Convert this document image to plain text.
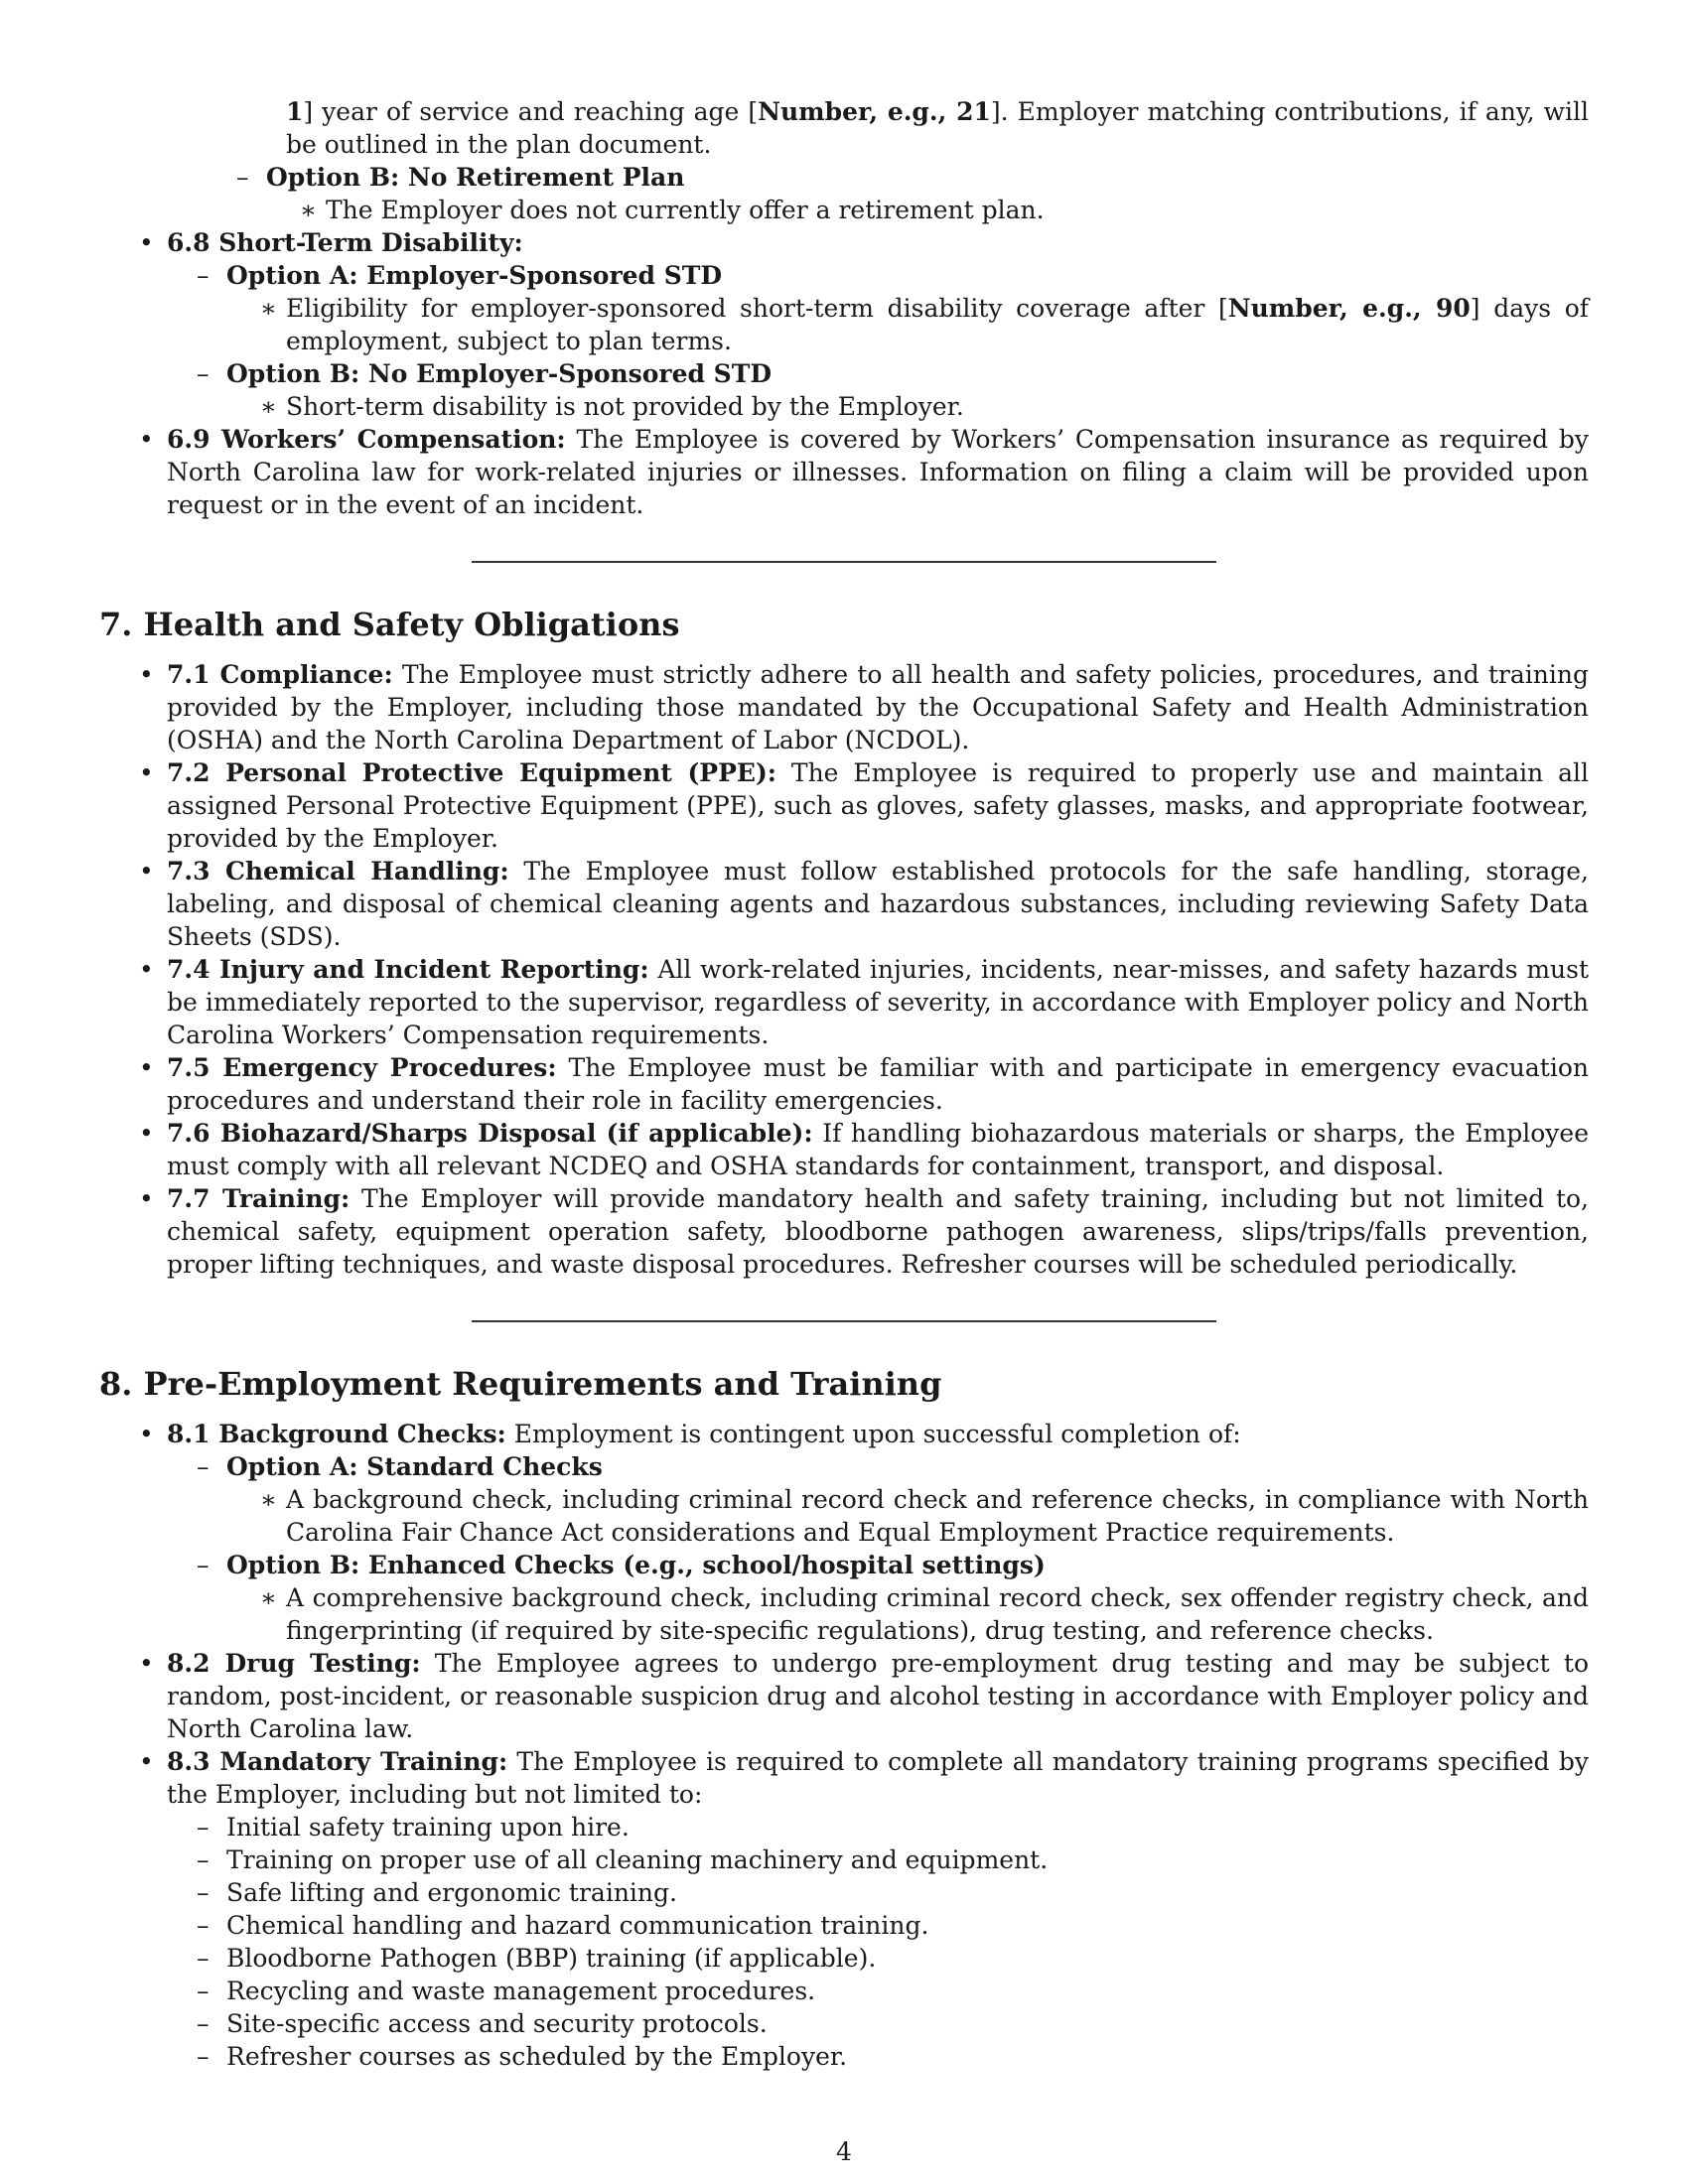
1] year of service and reaching age [Number, e.g., 21]. Employer matching contributions, if any, will be outlined in the plan document.
– Option B: No Retirement Plan
∗ The Employer does not currently offer a retirement plan.
• 6.8 Short-Term Disability:
– Option A: Employer-Sponsored STD
∗ Eligibility for employer-sponsored short-term disability coverage after [Number, e.g., 90] days of employment, subject to plan terms.
– Option B: No Employer-Sponsored STD
∗ Short-term disability is not provided by the Employer.
• 6.9 Workers’ Compensation: The Employee is covered by Workers’ Compensation insurance as required by North Carolina law for work-related injuries or illnesses. Information on filing a claim will be provided upon request or in the event of an incident.
7. Health and Safety Obligations
• 7.1 Compliance: The Employee must strictly adhere to all health and safety policies, procedures, and training provided by the Employer, including those mandated by the Occupational Safety and Health Administration (OSHA) and the North Carolina Department of Labor (NCDOL).
• 7.2 Personal Protective Equipment (PPE): The Employee is required to properly use and maintain all assigned Personal Protective Equipment (PPE), such as gloves, safety glasses, masks, and appropriate footwear, provided by the Employer.
• 7.3 Chemical Handling: The Employee must follow established protocols for the safe handling, storage, labeling, and disposal of chemical cleaning agents and hazardous substances, including reviewing Safety Data Sheets (SDS).
• 7.4 Injury and Incident Reporting: All work-related injuries, incidents, near-misses, and safety hazards must be immediately reported to the supervisor, regardless of severity, in accordance with Employer policy and North Carolina Workers’ Compensation requirements.
• 7.5 Emergency Procedures: The Employee must be familiar with and participate in emergency evacuation procedures and understand their role in facility emergencies.
• 7.6 Biohazard/Sharps Disposal (if applicable): If handling biohazardous materials or sharps, the Employee must comply with all relevant NCDEQ and OSHA standards for containment, transport, and disposal.
• 7.7 Training: The Employer will provide mandatory health and safety training, including but not limited to, chemical safety, equipment operation safety, bloodborne pathogen awareness, slips/trips/falls prevention, proper lifting techniques, and waste disposal procedures. Refresher courses will be scheduled periodically.
8. Pre-Employment Requirements and Training
• 8.1 Background Checks: Employment is contingent upon successful completion of:
– Option A: Standard Checks
∗ A background check, including criminal record check and reference checks, in compliance with North Carolina Fair Chance Act considerations and Equal Employment Practice requirements.
– Option B: Enhanced Checks (e.g., school/hospital settings)
∗ A comprehensive background check, including criminal record check, sex offender registry check, and fingerprinting (if required by site-specific regulations), drug testing, and reference checks.
• 8.2 Drug Testing: The Employee agrees to undergo pre-employment drug testing and may be subject to random, post-incident, or reasonable suspicion drug and alcohol testing in accordance with Employer policy and North Carolina law.
• 8.3 Mandatory Training: The Employee is required to complete all mandatory training programs specified by the Employer, including but not limited to:
– Initial safety training upon hire.
– Training on proper use of all cleaning machinery and equipment.
– Safe lifting and ergonomic training.
– Chemical handling and hazard communication training.
– Bloodborne Pathogen (BBP) training (if applicable).
– Recycling and waste management procedures.
– Site-specific access and security protocols.
– Refresher courses as scheduled by the Employer.
4
